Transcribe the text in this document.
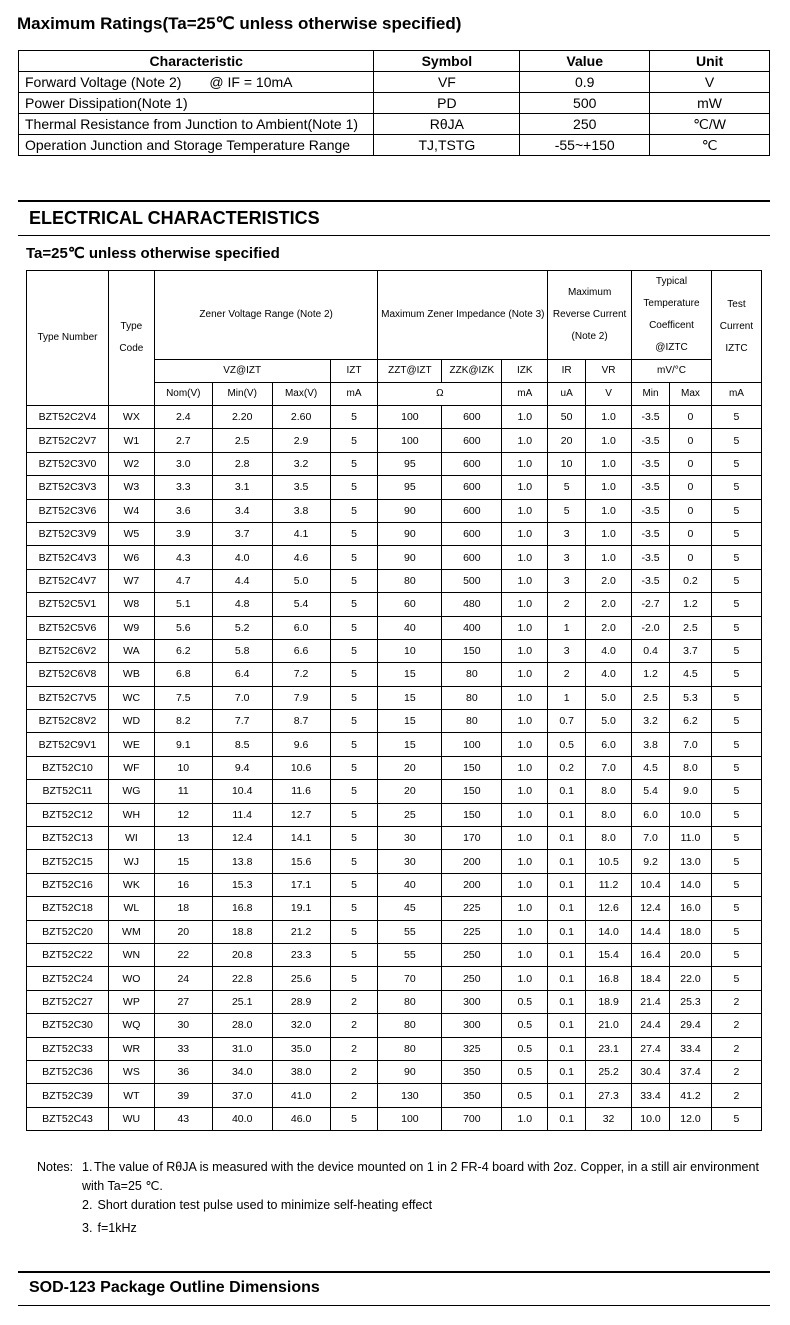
Maximum Ratings(Ta=25℃ unless otherwise specified)
Characteristic	Symbol	Value	Unit
Forward Voltage (Note 2) @ IF = 10mA	VF	0.9	V
Power Dissipation(Note 1)	PD	500	mW
Thermal Resistance from Junction to Ambient(Note 1)	RθJA	250	℃/W
Operation Junction and Storage Temperature Range	TJ,TSTG	-55~+150	℃
ELECTRICAL CHARACTERISTICS
Ta=25℃ unless otherwise specified
Type Number	Type Code	Zener Voltage Range (Note 2)				Maximum Zener Impedance (Note 3)			Maximum Reverse Current (Note 2)		Typical Temperature Coefficent @IZTC		Test Current IZTC
		VZ@IZT			IZT	ZZT@IZT	ZZK@IZK	IZK	IR	VR	mV/°C		
		Nom(V)	Min(V)	Max(V)	mA	Ω		mA	uA	V	Min	Max	mA
BZT52C2V4	WX	2.4	2.20	2.60	5	100	600	1.0	50	1.0	-3.5	0	5
BZT52C2V7	W1	2.7	2.5	2.9	5	100	600	1.0	20	1.0	-3.5	0	5
BZT52C3V0	W2	3.0	2.8	3.2	5	95	600	1.0	10	1.0	-3.5	0	5
BZT52C3V3	W3	3.3	3.1	3.5	5	95	600	1.0	5	1.0	-3.5	0	5
BZT52C3V6	W4	3.6	3.4	3.8	5	90	600	1.0	5	1.0	-3.5	0	5
BZT52C3V9	W5	3.9	3.7	4.1	5	90	600	1.0	3	1.0	-3.5	0	5
BZT52C4V3	W6	4.3	4.0	4.6	5	90	600	1.0	3	1.0	-3.5	0	5
BZT52C4V7	W7	4.7	4.4	5.0	5	80	500	1.0	3	2.0	-3.5	0.2	5
BZT52C5V1	W8	5.1	4.8	5.4	5	60	480	1.0	2	2.0	-2.7	1.2	5
BZT52C5V6	W9	5.6	5.2	6.0	5	40	400	1.0	1	2.0	-2.0	2.5	5
BZT52C6V2	WA	6.2	5.8	6.6	5	10	150	1.0	3	4.0	0.4	3.7	5
BZT52C6V8	WB	6.8	6.4	7.2	5	15	80	1.0	2	4.0	1.2	4.5	5
BZT52C7V5	WC	7.5	7.0	7.9	5	15	80	1.0	1	5.0	2.5	5.3	5
BZT52C8V2	WD	8.2	7.7	8.7	5	15	80	1.0	0.7	5.0	3.2	6.2	5
BZT52C9V1	WE	9.1	8.5	9.6	5	15	100	1.0	0.5	6.0	3.8	7.0	5
BZT52C10	WF	10	9.4	10.6	5	20	150	1.0	0.2	7.0	4.5	8.0	5
BZT52C11	WG	11	10.4	11.6	5	20	150	1.0	0.1	8.0	5.4	9.0	5
BZT52C12	WH	12	11.4	12.7	5	25	150	1.0	0.1	8.0	6.0	10.0	5
BZT52C13	WI	13	12.4	14.1	5	30	170	1.0	0.1	8.0	7.0	11.0	5
BZT52C15	WJ	15	13.8	15.6	5	30	200	1.0	0.1	10.5	9.2	13.0	5
BZT52C16	WK	16	15.3	17.1	5	40	200	1.0	0.1	11.2	10.4	14.0	5
BZT52C18	WL	18	16.8	19.1	5	45	225	1.0	0.1	12.6	12.4	16.0	5
BZT52C20	WM	20	18.8	21.2	5	55	225	1.0	0.1	14.0	14.4	18.0	5
BZT52C22	WN	22	20.8	23.3	5	55	250	1.0	0.1	15.4	16.4	20.0	5
BZT52C24	WO	24	22.8	25.6	5	70	250	1.0	0.1	16.8	18.4	22.0	5
BZT52C27	WP	27	25.1	28.9	2	80	300	0.5	0.1	18.9	21.4	25.3	2
BZT52C30	WQ	30	28.0	32.0	2	80	300	0.5	0.1	21.0	24.4	29.4	2
BZT52C33	WR	33	31.0	35.0	2	80	325	0.5	0.1	23.1	27.4	33.4	2
BZT52C36	WS	36	34.0	38.0	2	90	350	0.5	0.1	25.2	30.4	37.4	2
BZT52C39	WT	39	37.0	41.0	2	130	350	0.5	0.1	27.3	33.4	41.2	2
BZT52C43	WU	43	40.0	46.0	5	100	700	1.0	0.1	32	10.0	12.0	5
Notes: 1. The value of RθJA is measured with the device mounted on 1 in 2 FR-4 board with 2oz. Copper, in a still air environment with Ta=25 ℃.
2. Short duration test pulse used to minimize self-heating effect
3. f=1kHz
SOD-123 Package Outline Dimensions
